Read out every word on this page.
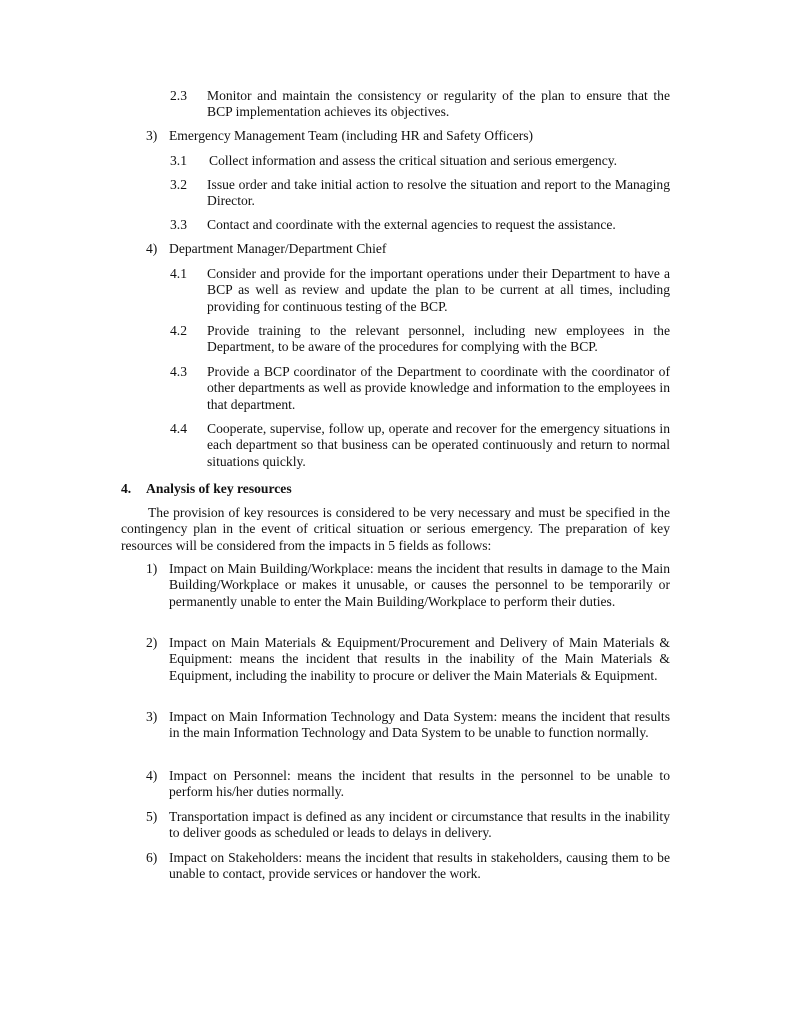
2.3 Monitor and maintain the consistency or regularity of the plan to ensure that the BCP implementation achieves its objectives.
3) Emergency Management Team (including HR and Safety Officers)
3.1 Collect information and assess the critical situation and serious emergency.
3.2 Issue order and take initial action to resolve the situation and report to the Managing Director.
3.3 Contact and coordinate with the external agencies to request the assistance.
4) Department Manager/Department Chief
4.1 Consider and provide for the important operations under their Department to have a BCP as well as review and update the plan to be current at all times, including providing for continuous testing of the BCP.
4.2 Provide training to the relevant personnel, including new employees in the Department, to be aware of the procedures for complying with the BCP.
4.3 Provide a BCP coordinator of the Department to coordinate with the coordinator of other departments as well as provide knowledge and information to the employees in that department.
4.4 Cooperate, supervise, follow up, operate and recover for the emergency situations in each department so that business can be operated continuously and return to normal situations quickly.
4. Analysis of key resources
The provision of key resources is considered to be very necessary and must be specified in the contingency plan in the event of critical situation or serious emergency. The preparation of key resources will be considered from the impacts in 5 fields as follows:
1) Impact on Main Building/Workplace: means the incident that results in damage to the Main Building/Workplace or makes it unusable, or causes the personnel to be temporarily or permanently unable to enter the Main Building/Workplace to perform their duties.
2) Impact on Main Materials & Equipment/Procurement and Delivery of Main Materials & Equipment: means the incident that results in the inability of the Main Materials & Equipment, including the inability to procure or deliver the Main Materials & Equipment.
3) Impact on Main Information Technology and Data System: means the incident that results in the main Information Technology and Data System to be unable to function normally.
4) Impact on Personnel: means the incident that results in the personnel to be unable to perform his/her duties normally.
5) Transportation impact is defined as any incident or circumstance that results in the inability to deliver goods as scheduled or leads to delays in delivery.
6) Impact on Stakeholders: means the incident that results in stakeholders, causing them to be unable to contact, provide services or handover the work.
